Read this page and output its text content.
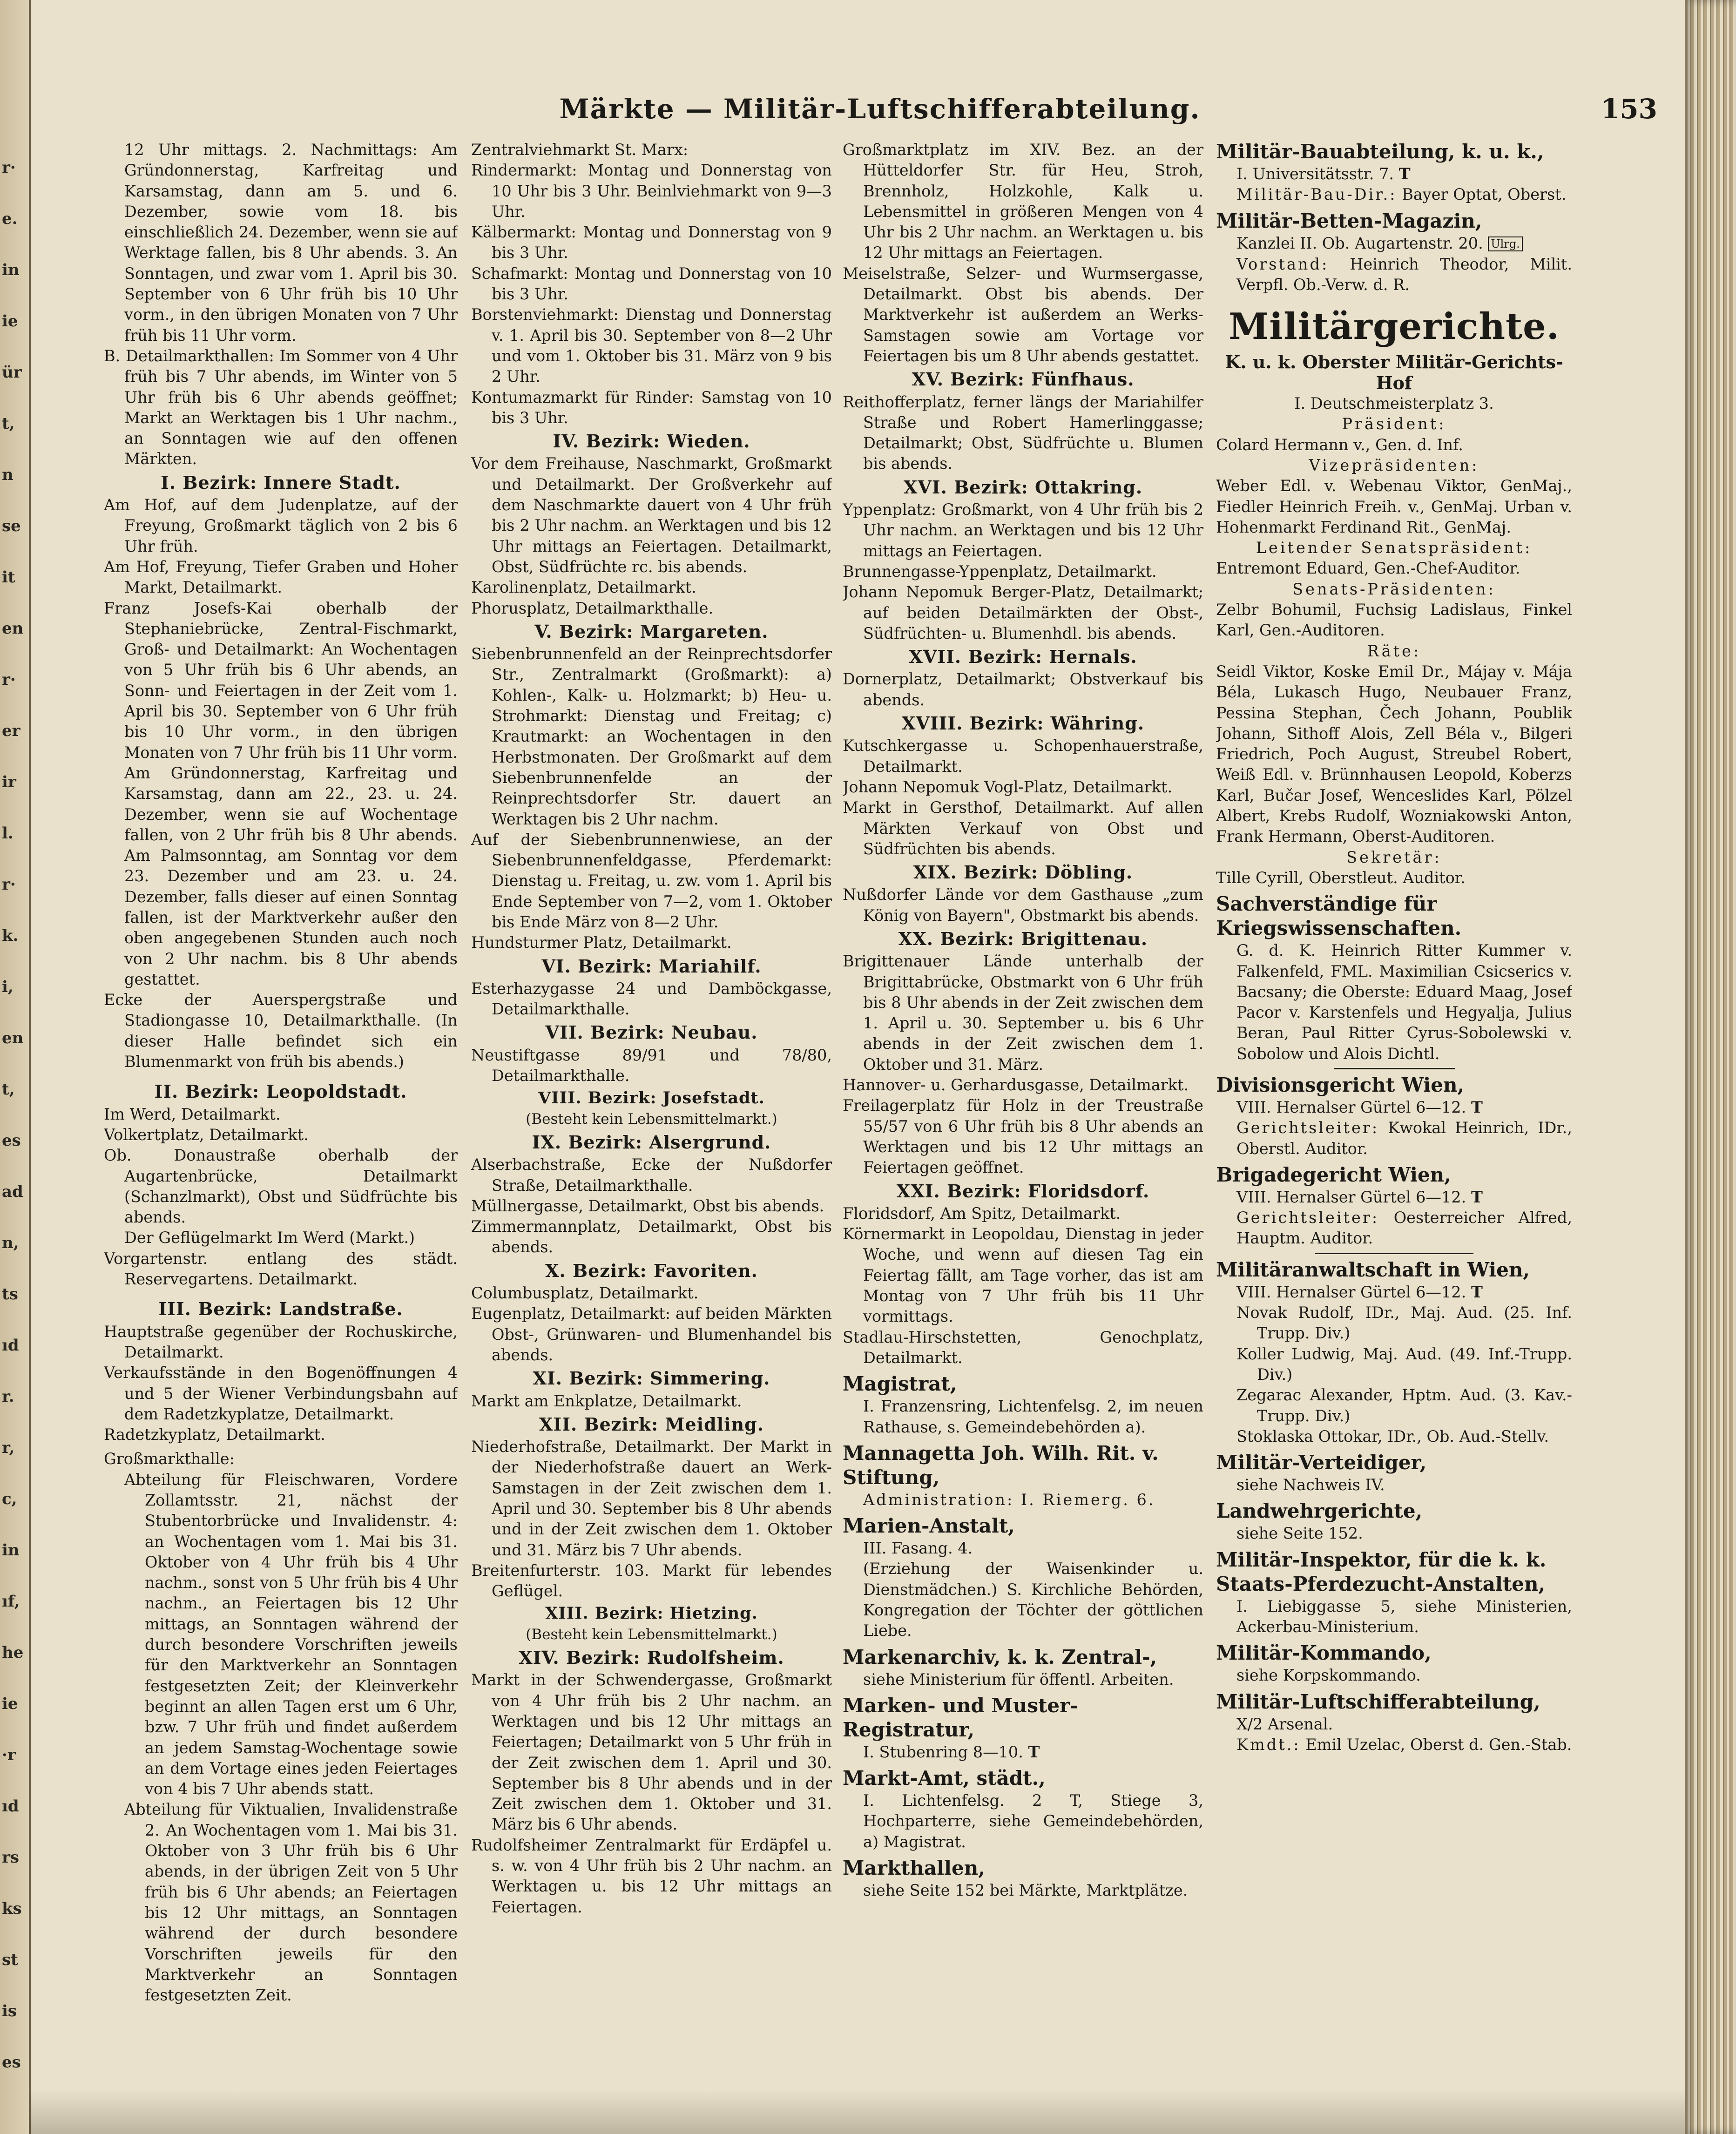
r·
e.
in
ie
ür
t,
n
se
it
en
r·
er
ir
l.
r·
k.
i,
en
t,
es
ad
n,
ts
ıd
r.
r,
c,
in
ıf,
he
ie
·r
ıd
rs
ks
st
is
es
Märkte — Militär-Luftschifferabteilung.	153

12 Uhr mittags. 2. Nachmittags: Am Gründonnerstag, Karfreitag und Karsamstag, dann am 5. und 6. Dezember, sowie vom 18. bis einschließlich 24. Dezember, wenn sie auf Werktage fallen, bis 8 Uhr abends. 3. An Sonntagen, und zwar vom 1. April bis 30. September von 6 Uhr früh bis 10 Uhr vorm., in den übrigen Monaten von 7 Uhr früh bis 11 Uhr vorm.

B. Detailmarkthallen: Im Sommer von 4 Uhr früh bis 7 Uhr abends, im Winter von 5 Uhr früh bis 6 Uhr abends geöffnet; Markt an Werktagen bis 1 Uhr nachm., an Sonntagen wie auf den offenen Märkten.

I. Bezirk: Innere Stadt.

Am Hof, auf dem Judenplatze, auf der Freyung, Großmarkt täglich von 2 bis 6 Uhr früh.

Am Hof, Freyung, Tiefer Graben und Hoher Markt, Detailmarkt.

Franz Josefs-Kai oberhalb der Stephaniebrücke, Zentral-Fischmarkt, Groß- und Detailmarkt: An Wochentagen von 5 Uhr früh bis 6 Uhr abends, an Sonn- und Feiertagen in der Zeit vom 1. April bis 30. September von 6 Uhr früh bis 10 Uhr vorm., in den übrigen Monaten von 7 Uhr früh bis 11 Uhr vorm. Am Gründonnerstag, Karfreitag und Karsamstag, dann am 22., 23. u. 24. Dezember, wenn sie auf Wochentage fallen, von 2 Uhr früh bis 8 Uhr abends. Am Palmsonntag, am Sonntag vor dem 23. Dezember und am 23. u. 24. Dezember, falls dieser auf einen Sonntag fallen, ist der Marktverkehr außer den oben angegebenen Stunden auch noch von 2 Uhr nachm. bis 8 Uhr abends gestattet.

Ecke der Auerspergstraße und Stadiongasse 10, Detailmarkthalle. (In dieser Halle befindet sich ein Blumenmarkt von früh bis abends.)

II. Bezirk: Leopoldstadt.

Im Werd, Detailmarkt.

Volkertplatz, Detailmarkt.

Ob. Donaustraße oberhalb der Augartenbrücke, Detailmarkt (Schanzlmarkt), Obst und Südfrüchte bis abends.

Der Geflügelmarkt Im Werd (Markt.)

Vorgartenstr. entlang des städt. Reservegartens. Detailmarkt.

III. Bezirk: Landstraße.

Hauptstraße gegenüber der Rochuskirche, Detailmarkt.

Verkaufsstände in den Bogenöffnungen 4 und 5 der Wiener Verbindungsbahn auf dem Radetzkyplatze, Detailmarkt.

Radetzkyplatz, Detailmarkt.

Großmarkthalle:

Abteilung für Fleischwaren, Vordere Zollamtsstr. 21, nächst der Stubentorbrücke und Invalidenstr. 4: an Wochentagen vom 1. Mai bis 31. Oktober von 4 Uhr früh bis 4 Uhr nachm., sonst von 5 Uhr früh bis 4 Uhr nachm., an Feiertagen bis 12 Uhr mittags, an Sonntagen während der durch besondere Vorschriften jeweils für den Marktverkehr an Sonntagen festgesetzten Zeit; der Kleinverkehr beginnt an allen Tagen erst um 6 Uhr, bzw. 7 Uhr früh und findet außerdem an jedem Samstag-Wochentage sowie an dem Vortage eines jeden Feiertages von 4 bis 7 Uhr abends statt.

Abteilung für Viktualien, Invalidenstraße 2. An Wochentagen vom 1. Mai bis 31. Oktober von 3 Uhr früh bis 6 Uhr abends, in der übrigen Zeit von 5 Uhr früh bis 6 Uhr abends; an Feiertagen bis 12 Uhr mittags, an Sonntagen während der durch besondere Vorschriften jeweils für den Marktverkehr an Sonntagen festgesetzten Zeit.

Zentralviehmarkt St. Marx:

Rindermarkt: Montag und Donnerstag von 10 Uhr bis 3 Uhr. Beinlviehmarkt von 9—3 Uhr.

Kälbermarkt: Montag und Donnerstag von 9 bis 3 Uhr.

Schafmarkt: Montag und Donnerstag von 10 bis 3 Uhr.

Borstenviehmarkt: Dienstag und Donnerstag v. 1. April bis 30. September von 8—2 Uhr und vom 1. Oktober bis 31. März von 9 bis 2 Uhr.

Kontumazmarkt für Rinder: Samstag von 10 bis 3 Uhr.

IV. Bezirk: Wieden.

Vor dem Freihause, Naschmarkt, Großmarkt und Detailmarkt. Der Großverkehr auf dem Naschmarkte dauert von 4 Uhr früh bis 2 Uhr nachm. an Werktagen und bis 12 Uhr mittags an Feiertagen. Detailmarkt, Obst, Südfrüchte rc. bis abends.

Karolinenplatz, Detailmarkt.

Phorusplatz, Detailmarkthalle.

V. Bezirk: Margareten.

Siebenbrunnenfeld an der Reinprechtsdorfer Str., Zentralmarkt (Großmarkt): a) Kohlen-, Kalk- u. Holzmarkt; b) Heu- u. Strohmarkt: Dienstag und Freitag; c) Krautmarkt: an Wochentagen in den Herbstmonaten. Der Großmarkt auf dem Siebenbrunnenfelde an der Reinprechtsdorfer Str. dauert an Werktagen bis 2 Uhr nachm.

Auf der Siebenbrunnenwiese, an der Siebenbrunnenfeldgasse, Pferdemarkt: Dienstag u. Freitag, u. zw. vom 1. April bis Ende September von 7—2, vom 1. Oktober bis Ende März von 8—2 Uhr.

Hundsturmer Platz, Detailmarkt.

VI. Bezirk: Mariahilf.

Esterhazygasse 24 und Damböckgasse, Detailmarkthalle.

VII. Bezirk: Neubau.

Neustiftgasse 89/91 und 78/80, Detailmarkthalle.

VIII. Bezirk: Josefstadt.
(Besteht kein Lebensmittelmarkt.)
IX. Bezirk: Alsergrund.

Alserbachstraße, Ecke der Nußdorfer Straße, Detailmarkthalle.

Müllnergasse, Detailmarkt, Obst bis abends.

Zimmermannplatz, Detailmarkt, Obst bis abends.

X. Bezirk: Favoriten.

Columbusplatz, Detailmarkt.

Eugenplatz, Detailmarkt: auf beiden Märkten Obst-, Grünwaren- und Blumenhandel bis abends.

XI. Bezirk: Simmering.

Markt am Enkplatze, Detailmarkt.

XII. Bezirk: Meidling.

Niederhofstraße, Detailmarkt. Der Markt in der Niederhofstraße dauert an Werk-Samstagen in der Zeit zwischen dem 1. April und 30. September bis 8 Uhr abends und in der Zeit zwischen dem 1. Oktober und 31. März bis 7 Uhr abends.

Breitenfurterstr. 103. Markt für lebendes Geflügel.

XIII. Bezirk: Hietzing.
(Besteht kein Lebensmittelmarkt.)
XIV. Bezirk: Rudolfsheim.

Markt in der Schwendergasse, Großmarkt von 4 Uhr früh bis 2 Uhr nachm. an Werktagen und bis 12 Uhr mittags an Feiertagen; Detailmarkt von 5 Uhr früh in der Zeit zwischen dem 1. April und 30. September bis 8 Uhr abends und in der Zeit zwischen dem 1. Oktober und 31. März bis 6 Uhr abends.

Rudolfsheimer Zentralmarkt für Erdäpfel u. s. w. von 4 Uhr früh bis 2 Uhr nachm. an Werktagen u. bis 12 Uhr mittags an Feiertagen.

Großmarktplatz im XIV. Bez. an der Hütteldorfer Str. für Heu, Stroh, Brennholz, Holzkohle, Kalk u. Lebensmittel in größeren Mengen von 4 Uhr bis 2 Uhr nachm. an Werktagen u. bis 12 Uhr mittags an Feiertagen.

Meiselstraße, Selzer- und Wurmsergasse, Detailmarkt. Obst bis abends. Der Marktverkehr ist außerdem an Werks-Samstagen sowie am Vortage vor Feiertagen bis um 8 Uhr abends gestattet.

XV. Bezirk: Fünfhaus.

Reithofferplatz, ferner längs der Mariahilfer Straße und Robert Hamerlinggasse; Detailmarkt; Obst, Südfrüchte u. Blumen bis abends.

XVI. Bezirk: Ottakring.

Yppenplatz: Großmarkt, von 4 Uhr früh bis 2 Uhr nachm. an Werktagen und bis 12 Uhr mittags an Feiertagen.

Brunnengasse-Yppenplatz, Detailmarkt.

Johann Nepomuk Berger-Platz, Detailmarkt; auf beiden Detailmärkten der Obst-, Südfrüchten- u. Blumenhdl. bis abends.

XVII. Bezirk: Hernals.

Dornerplatz, Detailmarkt; Obstverkauf bis abends.

XVIII. Bezirk: Währing.

Kutschkergasse u. Schopenhauerstraße, Detailmarkt.

Johann Nepomuk Vogl-Platz, Detailmarkt.

Markt in Gersthof, Detailmarkt. Auf allen Märkten Verkauf von Obst und Südfrüchten bis abends.

XIX. Bezirk: Döbling.

Nußdorfer Lände vor dem Gasthause „zum König von Bayern", Obstmarkt bis abends.

XX. Bezirk: Brigittenau.

Brigittenauer Lände unterhalb der Brigittabrücke, Obstmarkt von 6 Uhr früh bis 8 Uhr abends in der Zeit zwischen dem 1. April u. 30. September u. bis 6 Uhr abends in der Zeit zwischen dem 1. Oktober und 31. März.

Hannover- u. Gerhardusgasse, Detailmarkt.

Freilagerplatz für Holz in der Treustraße 55/57 von 6 Uhr früh bis 8 Uhr abends an Werktagen und bis 12 Uhr mittags an Feiertagen geöffnet.

XXI. Bezirk: Floridsdorf.

Floridsdorf, Am Spitz, Detailmarkt.

Körnermarkt in Leopoldau, Dienstag in jeder Woche, und wenn auf diesen Tag ein Feiertag fällt, am Tage vorher, das ist am Montag von 7 Uhr früh bis 11 Uhr vormittags.

Stadlau-Hirschstetten, Genochplatz, Detailmarkt.

Magistrat,

I. Franzensring, Lichtenfelsg. 2, im neuen Rathause, s. Gemeindebehörden a).

Mannagetta Joh. Wilh. Rit. v. Stiftung,

Administration: I. Riemerg. 6.

Marien-Anstalt,

III. Fasang. 4.

(Erziehung der Waisenkinder u. Dienstmädchen.) S. Kirchliche Behörden, Kongregation der Töchter der göttlichen Liebe.

Markenarchiv, k. k. Zentral-,

siehe Ministerium für öffentl. Arbeiten.

Marken- und Muster-Registratur,

I. Stubenring 8—10. T

Markt-Amt, städt.,

I. Lichtenfelsg. 2 T, Stiege 3, Hochparterre, siehe Gemeindebehörden, a) Magistrat.

Markthallen,

siehe Seite 152 bei Märkte, Marktplätze.

Militär-Bauabteilung, k. u. k.,

I. Universitätsstr. 7. T

Militär-Bau-Dir.: Bayer Optat, Oberst.

Militär-Betten-Magazin,

Kanzlei II. Ob. Augartenstr. 20. Ulrg.

Vorstand: Heinrich Theodor, Milit. Verpfl. Ob.-Verw. d. R.

Militärgerichte.
K. u. k. Oberster Militär-Gerichts-Hof
I. Deutschmeisterplatz 3.
Präsident:

Colard Hermann v., Gen. d. Inf.

Vizepräsidenten:

Weber Edl. v. Webenau Viktor, GenMaj., Fiedler Heinrich Freih. v., GenMaj. Urban v. Hohenmarkt Ferdinand Rit., GenMaj.

Leitender Senatspräsident:

Entremont Eduard, Gen.-Chef-Auditor.

Senats-Präsidenten:

Zelbr Bohumil, Fuchsig Ladislaus, Finkel Karl, Gen.-Auditoren.

Räte:

Seidl Viktor, Koske Emil Dr., Májay v. Mája Béla, Lukasch Hugo, Neubauer Franz, Pessina Stephan, Čech Johann, Poublik Johann, Sithoff Alois, Zell Béla v., Bilgeri Friedrich, Poch August, Streubel Robert, Weiß Edl. v. Brünnhausen Leopold, Koberzs Karl, Bučar Josef, Wenceslides Karl, Pölzel Albert, Krebs Rudolf, Wozniakowski Anton, Frank Hermann, Oberst-Auditoren.

Sekretär:

Tille Cyrill, Oberstleut. Auditor.

Sachverständige für Kriegswissenschaften.

G. d. K. Heinrich Ritter Kummer v. Falkenfeld, FML. Maximilian Csicserics v. Bacsany; die Oberste: Eduard Maag, Josef Pacor v. Karstenfels und Hegyalja, Julius Beran, Paul Ritter Cyrus-Sobolewski v. Sobolow und Alois Dichtl.

Divisionsgericht Wien,

VIII. Hernalser Gürtel 6—12. T

Gerichtsleiter: Kwokal Heinrich, IDr., Oberstl. Auditor.

Brigadegericht Wien,

VIII. Hernalser Gürtel 6—12. T

Gerichtsleiter: Oesterreicher Alfred, Hauptm. Auditor.

Militäranwaltschaft in Wien,

VIII. Hernalser Gürtel 6—12. T

Novak Rudolf, IDr., Maj. Aud. (25. Inf. Trupp. Div.)

Koller Ludwig, Maj. Aud. (49. Inf.-Trupp. Div.)

Zegarac Alexander, Hptm. Aud. (3. Kav.-Trupp. Div.)

Stoklaska Ottokar, IDr., Ob. Aud.-Stellv.

Militär-Verteidiger,

siehe Nachweis IV.

Landwehrgerichte,

siehe Seite 152.

Militär-Inspektor, für die k. k. Staats-Pferdezucht-Anstalten,

I. Liebiggasse 5, siehe Ministerien, Ackerbau-Ministerium.

Militär-Kommando,

siehe Korpskommando.

Militär-Luftschifferabteilung,

X/2 Arsenal.

Kmdt.: Emil Uzelac, Oberst d. Gen.-Stab.
